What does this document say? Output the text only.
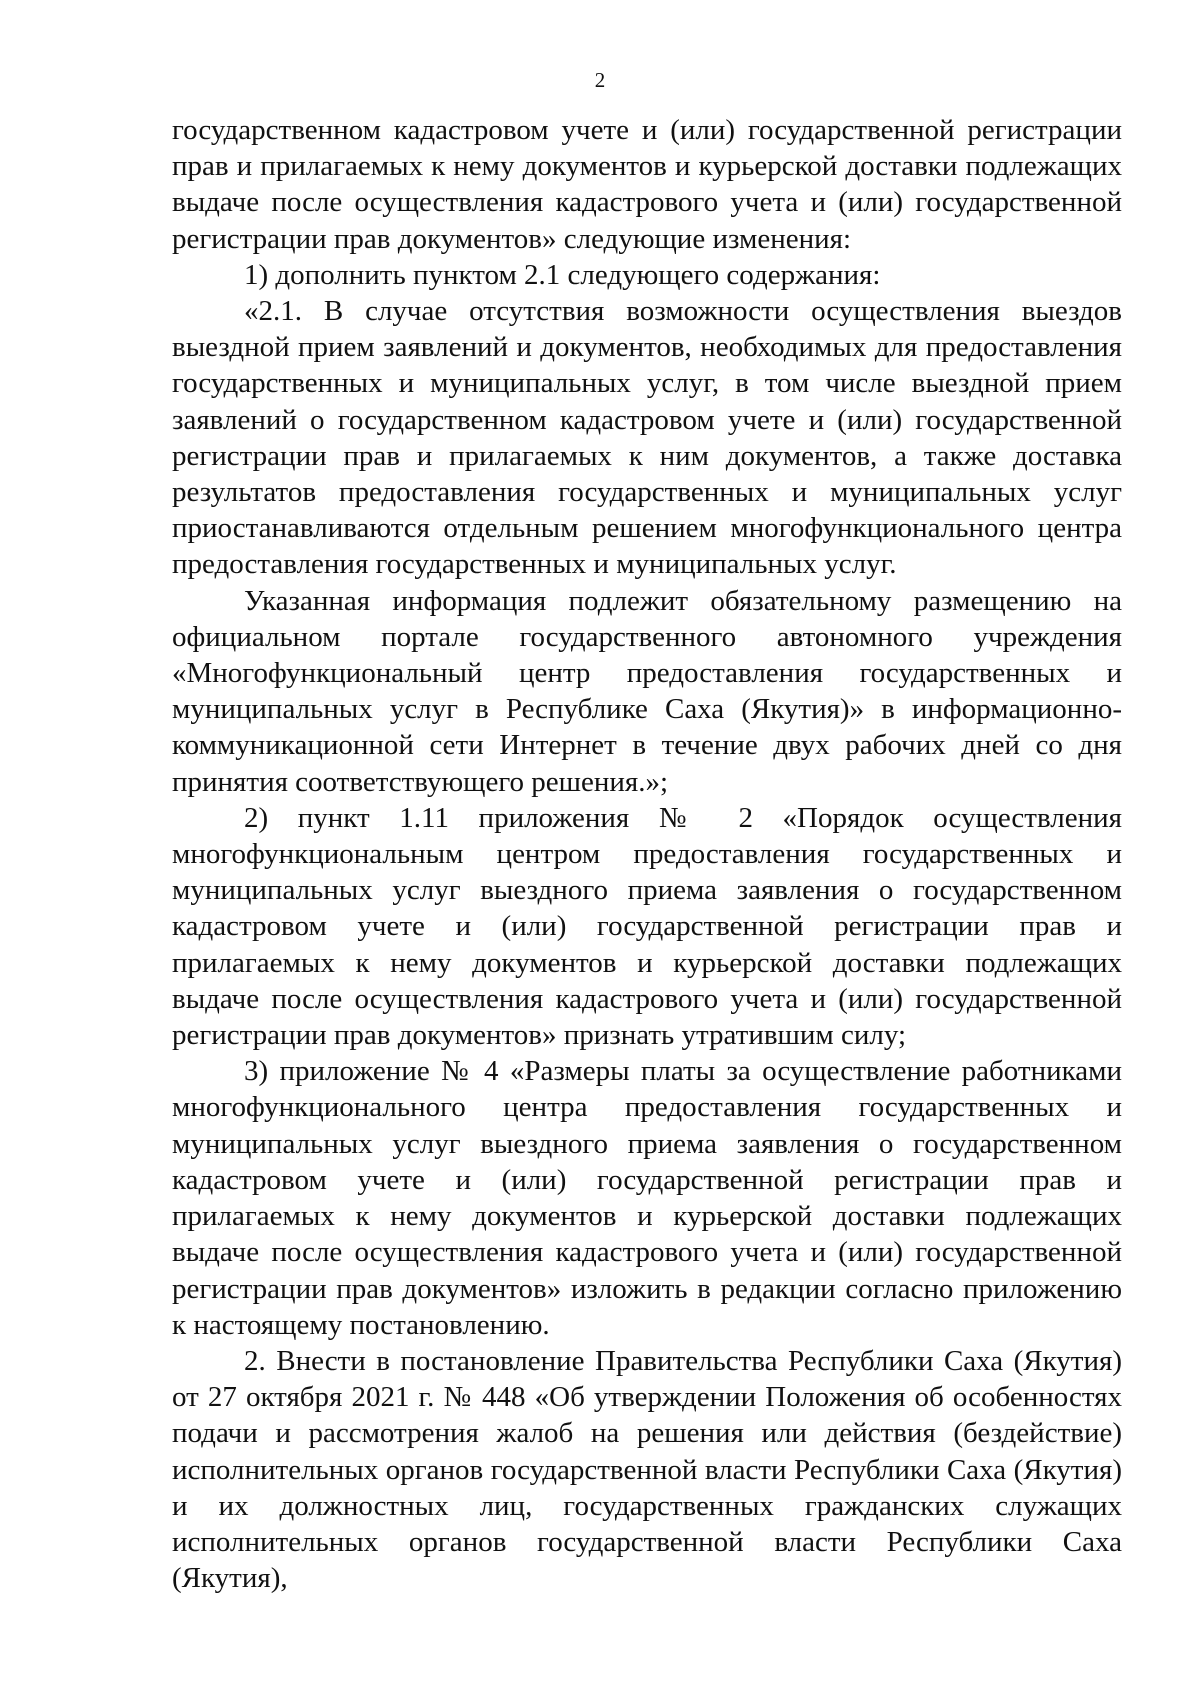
2

государственном кадастровом учете и (или) государственной регистрации прав и прилагаемых к нему документов и курьерской доставки подлежащих выдаче после осуществления кадастрового учета и (или) государственной регистрации прав документов» следующие изменения:

1) дополнить пунктом 2.1 следующего содержания:

«2.1. В случае отсутствия возможности осуществления выездов выездной прием заявлений и документов, необходимых для предоставления государственных и муниципальных услуг, в том числе выездной прием заявлений о государственном кадастровом учете и (или) государственной регистрации прав и прилагаемых к ним документов, а также доставка результатов предоставления государственных и муниципальных услуг приостанавливаются отдельным решением многофункционального центра предоставления государственных и муниципальных услуг.

Указанная информация подлежит обязательному размещению на официальном портале государственного автономного учреждения «Многофункциональный центр предоставления государственных и муниципальных услуг в Республике Саха (Якутия)» в информационно-коммуникационной сети Интернет в течение двух рабочих дней со дня принятия соответствующего решения.»;

2) пункт 1.11 приложения № 2 «Порядок осуществления многофункциональным центром предоставления государственных и муниципальных услуг выездного приема заявления о государственном кадастровом учете и (или) государственной регистрации прав и прилагаемых к нему документов и курьерской доставки подлежащих выдаче после осуществления кадастрового учета и (или) государственной регистрации прав документов» признать утратившим силу;

3) приложение № 4 «Размеры платы за осуществление работниками многофункционального центра предоставления государственных и муниципальных услуг выездного приема заявления о государственном кадастровом учете и (или) государственной регистрации прав и прилагаемых к нему документов и курьерской доставки подлежащих выдаче после осуществления кадастрового учета и (или) государственной регистрации прав документов» изложить в редакции согласно приложению к настоящему постановлению.

2. Внести в постановление Правительства Республики Саха (Якутия) от 27 октября 2021 г. № 448 «Об утверждении Положения об особенностях подачи и рассмотрения жалоб на решения или действия (бездействие) исполнительных органов государственной власти Республики Саха (Якутия) и их должностных лиц, государственных гражданских служащих исполнительных органов государственной власти Республики Саха (Якутия),
